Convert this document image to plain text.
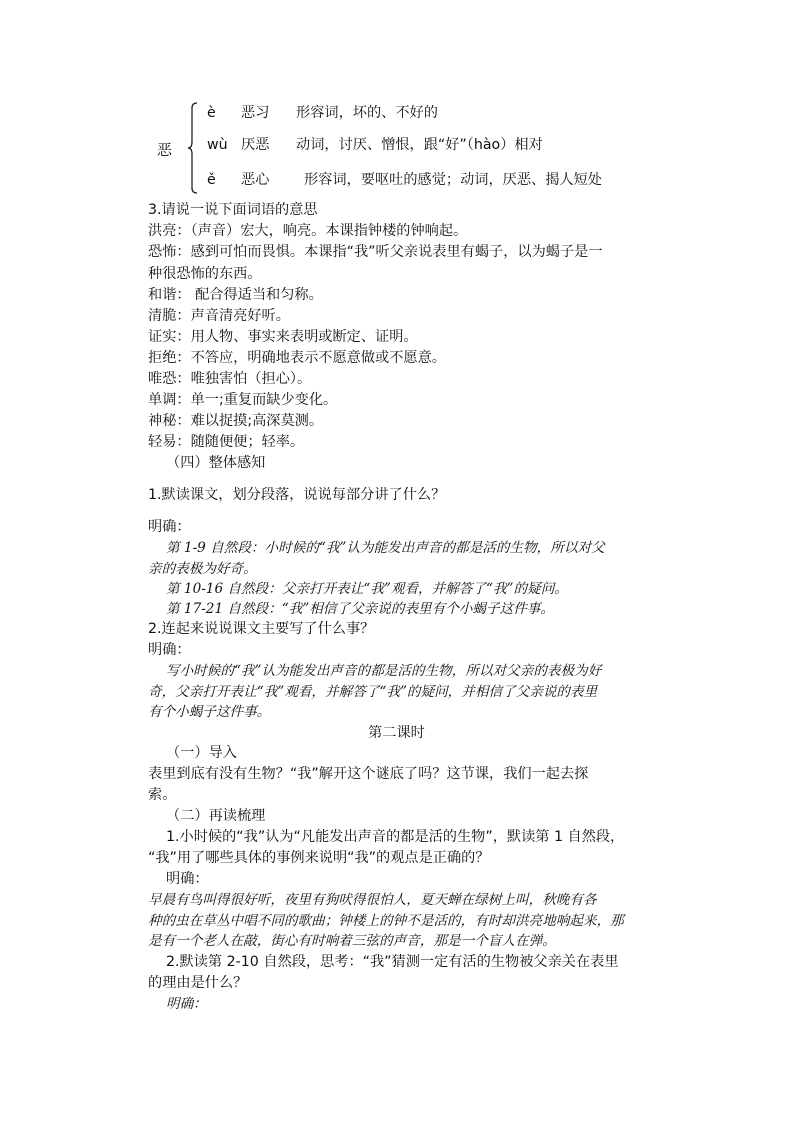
恶
è 恶习 形容词，坏的、不好的
wù 厌恶 动词，讨厌、憎恨，跟“好”（hào）相对
ě 恶心 形容词，要呕吐的感觉；动词，厌恶、揭人短处
3.请说一说下面词语的意思
洪亮：（声音）宏大，响亮。本课指钟楼的钟响起。
恐怖：感到可怕而畏惧。本课指“我”听父亲说表里有蝎子，以为蝎子是一
种很恐怖的东西。
和谐： 配合得适当和匀称。
清脆：声音清亮好听。
证实：用人物、事实来表明或断定、证明。
拒绝：不答应，明确地表示不愿意做或不愿意。
唯恐：唯独害怕（担心）。
单调：单一;重复而缺少变化。
神秘：难以捉摸;高深莫测。
轻易：随随便便；轻率。
（四）整体感知
1.默读课文，划分段落，说说每部分讲了什么？
明确：
第 1-9 自然段：小时候的“我”认为能发出声音的都是活的生物，所以对父
亲的表极为好奇。
第 10-16 自然段：父亲打开表让“我”观看，并解答了“我”的疑问。
第 17-21 自然段：“我”相信了父亲说的表里有个小蝎子这件事。
2.连起来说说课文主要写了什么事？
明确：
写小时候的“我”认为能发出声音的都是活的生物，所以对父亲的表极为好
奇，父亲打开表让“我”观看，并解答了“我”的疑问，并相信了父亲说的表里
有个小蝎子这件事。
第二课时
（一）导入
表里到底有没有生物？“我”解开这个谜底了吗？这节课，我们一起去探
索。
（二）再读梳理
1.小时候的“我”认为“凡能发出声音的都是活的生物”，默读第 1 自然段，
“我”用了哪些具体的事例来说明“我”的观点是正确的？
明确：
早晨有鸟叫得很好听，夜里有狗吠得很怕人，夏天蝉在绿树上叫，秋晚有各
种的虫在草丛中唱不同的歌曲；钟楼上的钟不是活的，有时却洪亮地响起来，那
是有一个老人在敲，街心有时响着三弦的声音，那是一个盲人在弹。
2.默读第 2-10 自然段，思考：“我”猜测一定有活的生物被父亲关在表里
的理由是什么？
明确：
